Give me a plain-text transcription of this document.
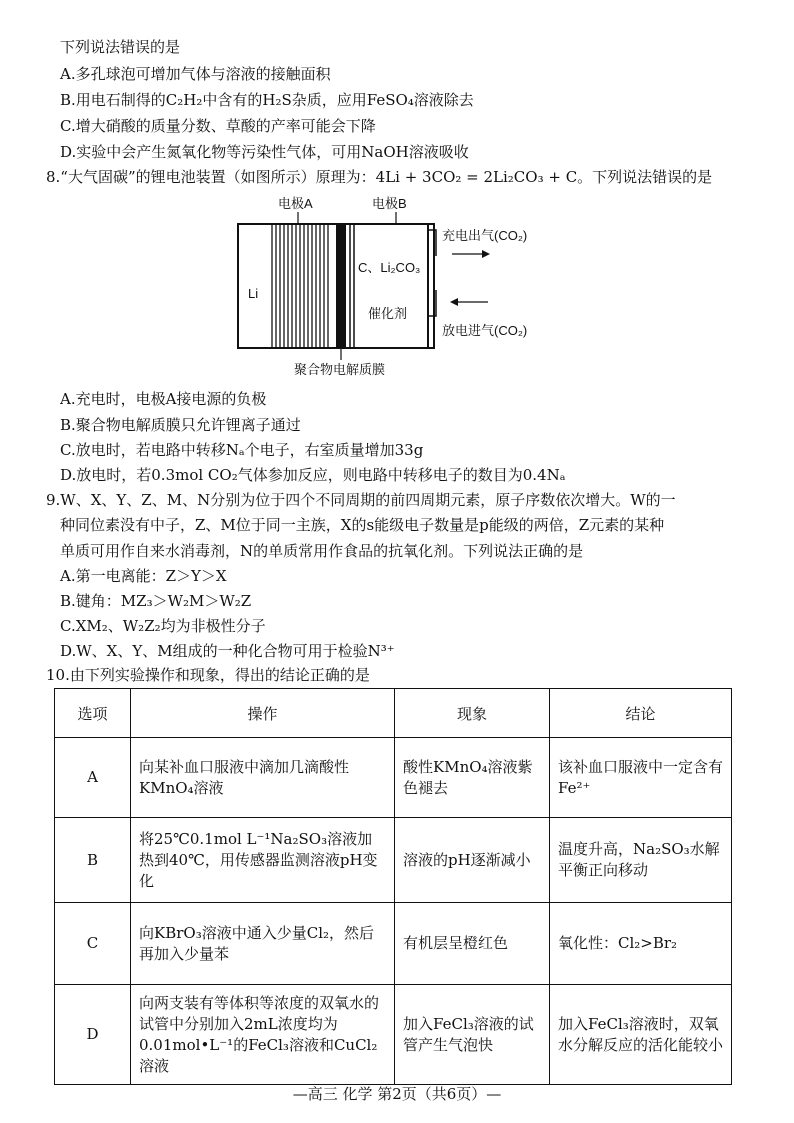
下列说法错误的是
A.多孔球泡可增加气体与溶液的接触面积
B.用电石制得的C₂H₂中含有的H₂S杂质，应用FeSO₄溶液除去
C.增大硝酸的质量分数、草酸的产率可能会下降
D.实验中会产生氮氧化物等污染性气体，可用NaOH溶液吸收
8.“大气固碳”的锂电池装置（如图所示）原理为：4Li + 3CO₂ = 2Li₂CO₃ + C。下列说法错误的是
电极A	电极B
Li
C、Li₂CO₃
催化剂
充电出气(CO₂)
放电进气(CO₂)
聚合物电解质膜
A.充电时，电极A接电源的负极
B.聚合物电解质膜只允许锂离子通过
C.放电时，若电路中转移Nₐ个电子，右室质量增加33g
D.放电时，若0.3mol CO₂气体参加反应，则电路中转移电子的数目为0.4Nₐ
9.W、X、Y、Z、M、N分别为位于四个不同周期的前四周期元素，原子序数依次增大。W的一
种同位素没有中子，Z、M位于同一主族，X的s能级电子数量是p能级的两倍，Z元素的某种
单质可用作自来水消毒剂，N的单质常用作食品的抗氧化剂。下列说法正确的是
A.第一电离能：Z＞Y＞X
B.键角：MZ₃＞W₂M＞W₂Z
C.XM₂、W₂Z₂均为非极性分子
D.W、X、Y、M组成的一种化合物可用于检验N³⁺
10.由下列实验操作和现象，得出的结论正确的是
选项	操作	现象	结论
A	向某补血口服液中滴加几滴酸性KMnO₄溶液	酸性KMnO₄溶液紫色褪去	该补血口服液中一定含有Fe²⁺
B	将25℃0.1mol L⁻¹Na₂SO₃溶液加热到40℃，用传感器监测溶液pH变化	溶液的pH逐渐减小	温度升高，Na₂SO₃水解平衡正向移动
C	向KBrO₃溶液中通入少量Cl₂，然后再加入少量苯	有机层呈橙红色	氧化性：Cl₂>Br₂
D	向两支装有等体积等浓度的双氧水的试管中分别加入2mL浓度均为0.01mol•L⁻¹的FeCl₃溶液和CuCl₂溶液	加入FeCl₃溶液的试管产生气泡快	加入FeCl₃溶液时，双氧水分解反应的活化能较小
—高三 化学 第2页（共6页）—
